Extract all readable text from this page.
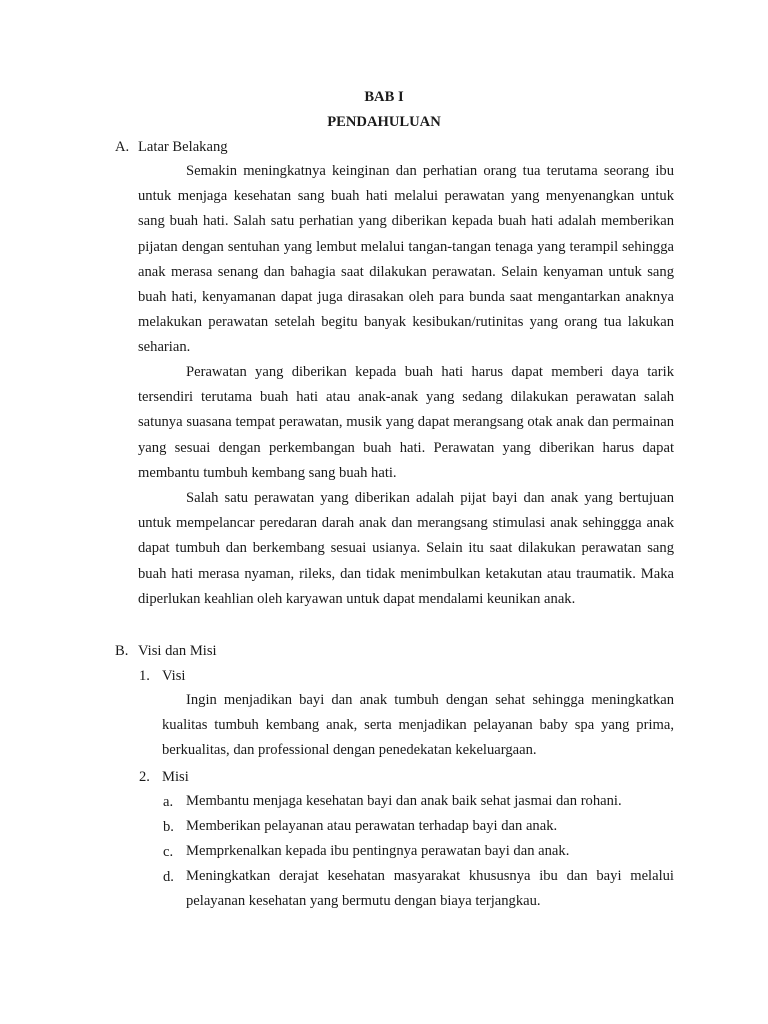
BAB I
PENDAHULUAN
A. Latar Belakang

Semakin meningkatnya keinginan dan perhatian orang tua terutama seorang ibu untuk menjaga kesehatan sang buah hati melalui perawatan yang menyenangkan untuk sang buah hati. Salah satu perhatian yang diberikan kepada buah hati adalah memberikan pijatan dengan sentuhan yang lembut melalui tangan-tangan tenaga yang terampil sehingga anak merasa senang dan bahagia saat dilakukan perawatan. Selain kenyaman untuk sang buah hati, kenyamanan dapat juga dirasakan oleh para bunda saat mengantarkan anaknya melakukan perawatan setelah begitu banyak kesibukan/rutinitas yang orang tua lakukan seharian.

Perawatan yang diberikan kepada buah hati harus dapat memberi daya tarik tersendiri terutama buah hati atau anak-anak yang sedang dilakukan perawatan salah satunya suasana tempat perawatan, musik yang dapat merangsang otak anak dan permainan yang sesuai dengan perkembangan buah hati. Perawatan yang diberikan harus dapat membantu tumbuh kembang sang buah hati.

Salah satu perawatan yang diberikan adalah pijat bayi dan anak yang bertujuan untuk mempelancar peredaran darah anak dan merangsang stimulasi anak sehinggga anak dapat tumbuh dan berkembang sesuai usianya. Selain itu saat dilakukan perawatan sang buah hati merasa nyaman, rileks, dan tidak menimbulkan ketakutan atau traumatik. Maka diperlukan keahlian oleh karyawan untuk dapat mendalami keunikan anak.

B. Visi dan Misi
1. Visi

Ingin menjadikan bayi dan anak tumbuh dengan sehat sehingga meningkatkan kualitas tumbuh kembang anak, serta menjadikan pelayanan baby spa yang prima, berkualitas, dan professional dengan penedekatan kekeluargaan.

2. Misi
a. Membantu menjaga kesehatan bayi dan anak baik sehat jasmai dan rohani.

b. Memberikan pelayanan atau perawatan terhadap bayi dan anak.

c. Memprkenalkan kepada ibu pentingnya perawatan bayi dan anak.

d. Meningkatkan derajat kesehatan masyarakat khususnya ibu dan bayi melalui pelayanan kesehatan yang bermutu dengan biaya terjangkau.
